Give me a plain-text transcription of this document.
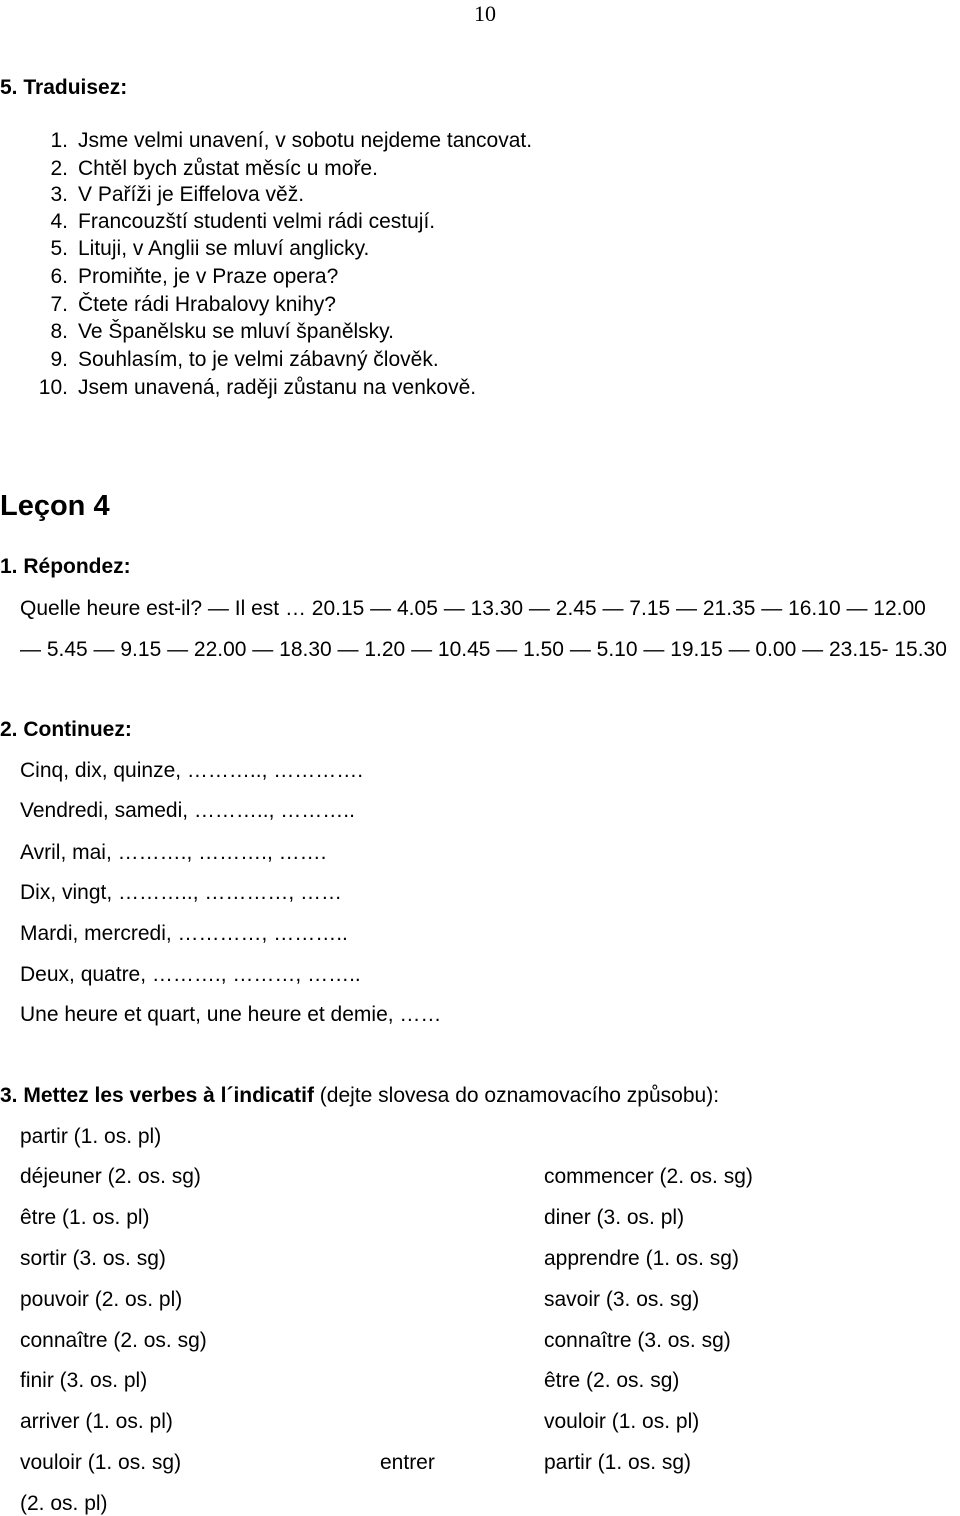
10
5. Traduisez:
1. Jsme velmi unavení, v sobotu nejdeme tancovat.
2. Chtěl bych zůstat měsíc u moře.
3. V Paříži je Eiffelova věž.
4. Francouzští studenti velmi rádi cestují.
5. Lituji, v Anglii se mluví anglicky.
6. Promiňte, je v Praze opera?
7. Čtete rádi Hrabalovy knihy?
8. Ve Španělsku se mluví španělsky.
9. Souhlasím, to je velmi zábavný člověk.
10. Jsem unavená, raději zůstanu na venkově.
Leçon 4
1. Répondez:
Quelle heure est-il? — Il est … 20.15 — 4.05 — 13.30 — 2.45 — 7.15 — 21.35 — 16.10 — 12.00
— 5.45 — 9.15 — 22.00 — 18.30 — 1.20 — 10.45 — 1.50 — 5.10 — 19.15 — 0.00 — 23.15- 15.30
2. Continuez:
Cinq, dix, quinze, ……….., ………….
Vendredi, samedi, ……….., ………..
Avril, mai, ………., ………., …….
Dix, vingt, ……….., …………, ……
Mardi, mercredi, …………, ………..
Deux, quatre, ………., ………, ……..
Une heure et quart, une heure et demie, ……
3. Mettez les verbes à l´indicatif (dejte slovesa do oznamovacího způsobu):
partir (1. os. pl)
déjeuner (2. os. sg)
être (1. os. pl)
sortir (3. os. sg)
pouvoir (2. os. pl)
connaître (2. os. sg)
finir (3. os. pl)
arriver (1. os. pl)
vouloir (1. os. sg)
(2. os. pl)
entrer
commencer (2. os. sg)
diner (3. os. pl)
apprendre (1. os. sg)
savoir (3. os. sg)
connaître (3. os. sg)
être (2. os. sg)
vouloir (1. os. pl)
partir (1. os. sg)
